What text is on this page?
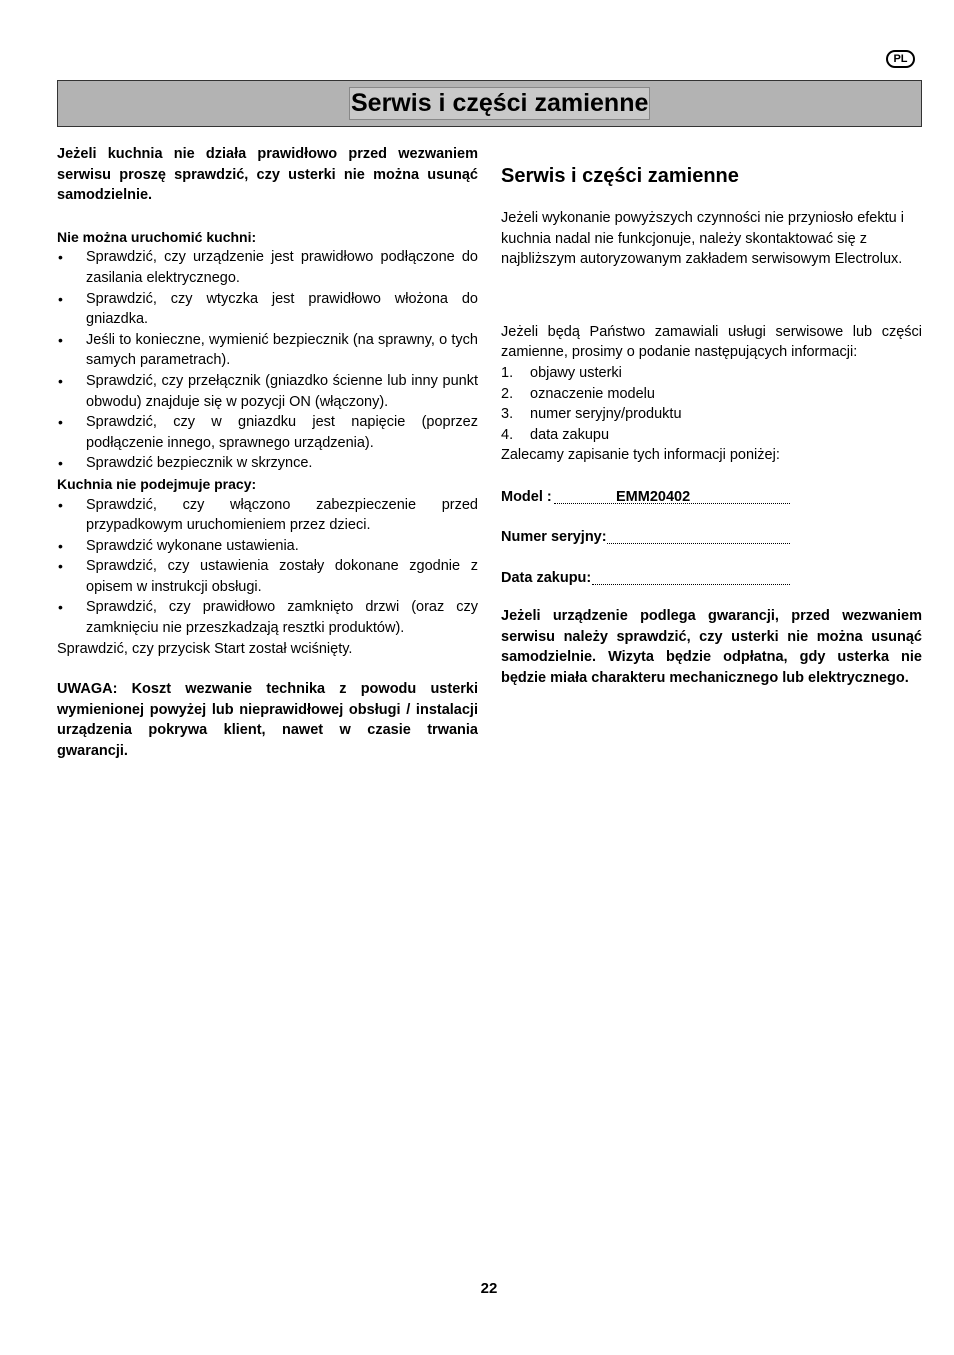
PL
Serwis i części zamienne

Jeżeli kuchnia nie działa prawidłowo przed wezwaniem serwisu proszę sprawdzić, czy usterki nie można usunąć samodzielnie.

Nie można uruchomić kuchni:

• Sprawdzić, czy urządzenie jest prawidłowo podłączone do zasilania elektrycznego.
• Sprawdzić, czy wtyczka jest prawidłowo włożona do gniazdka.
• Jeśli to konieczne, wymienić bezpiecznik (na sprawny, o tych samych parametrach).
• Sprawdzić, czy przełącznik (gniazdko ścienne lub inny punkt obwodu) znajduje się w pozycji ON (włączony).
• Sprawdzić, czy w gniazdku jest napięcie (poprzez podłączenie innego, sprawnego urządzenia).
• Sprawdzić bezpiecznik w skrzynce.

Kuchnia nie podejmuje pracy:

• Sprawdzić, czy włączono zabezpieczenie przed przypadkowym uruchomieniem przez dzieci.
• Sprawdzić wykonane ustawienia.
• Sprawdzić, czy ustawienia zostały dokonane zgodnie z opisem w instrukcji obsługi.
• Sprawdzić, czy prawidłowo zamknięto drzwi (oraz czy zamknięciu nie przeszkadzają resztki produktów).

Sprawdzić, czy przycisk Start został wciśnięty.

UWAGA: Koszt wezwanie technika z powodu usterki wymienionej powyżej lub nieprawidłowej obsługi / instalacji urządzenia pokrywa klient, nawet w czasie trwania gwarancji.

Serwis i części zamienne

Jeżeli wykonanie powyższych czynności nie przyniosło efektu i kuchnia nadal nie funkcjonuje, należy skontaktować się z najbliższym autoryzowanym zakładem serwisowym Electrolux.

Jeżeli będą Państwo zamawiali usługi serwisowe lub części zamienne, prosimy o podanie następujących informacji:

1. objawy usterki
2. oznaczenie modelu
3. numer seryjny/produktu
4. data zakupu

Zalecamy zapisanie tych informacji poniżej:

Model :	EMM20402
Numer seryjny:
Data zakupu:

Jeżeli urządzenie podlega gwarancji, przed wezwaniem serwisu należy sprawdzić, czy usterki nie można usunąć samodzielnie. Wizyta będzie odpłatna, gdy usterka nie będzie miała charakteru mechanicznego lub elektrycznego.

22
